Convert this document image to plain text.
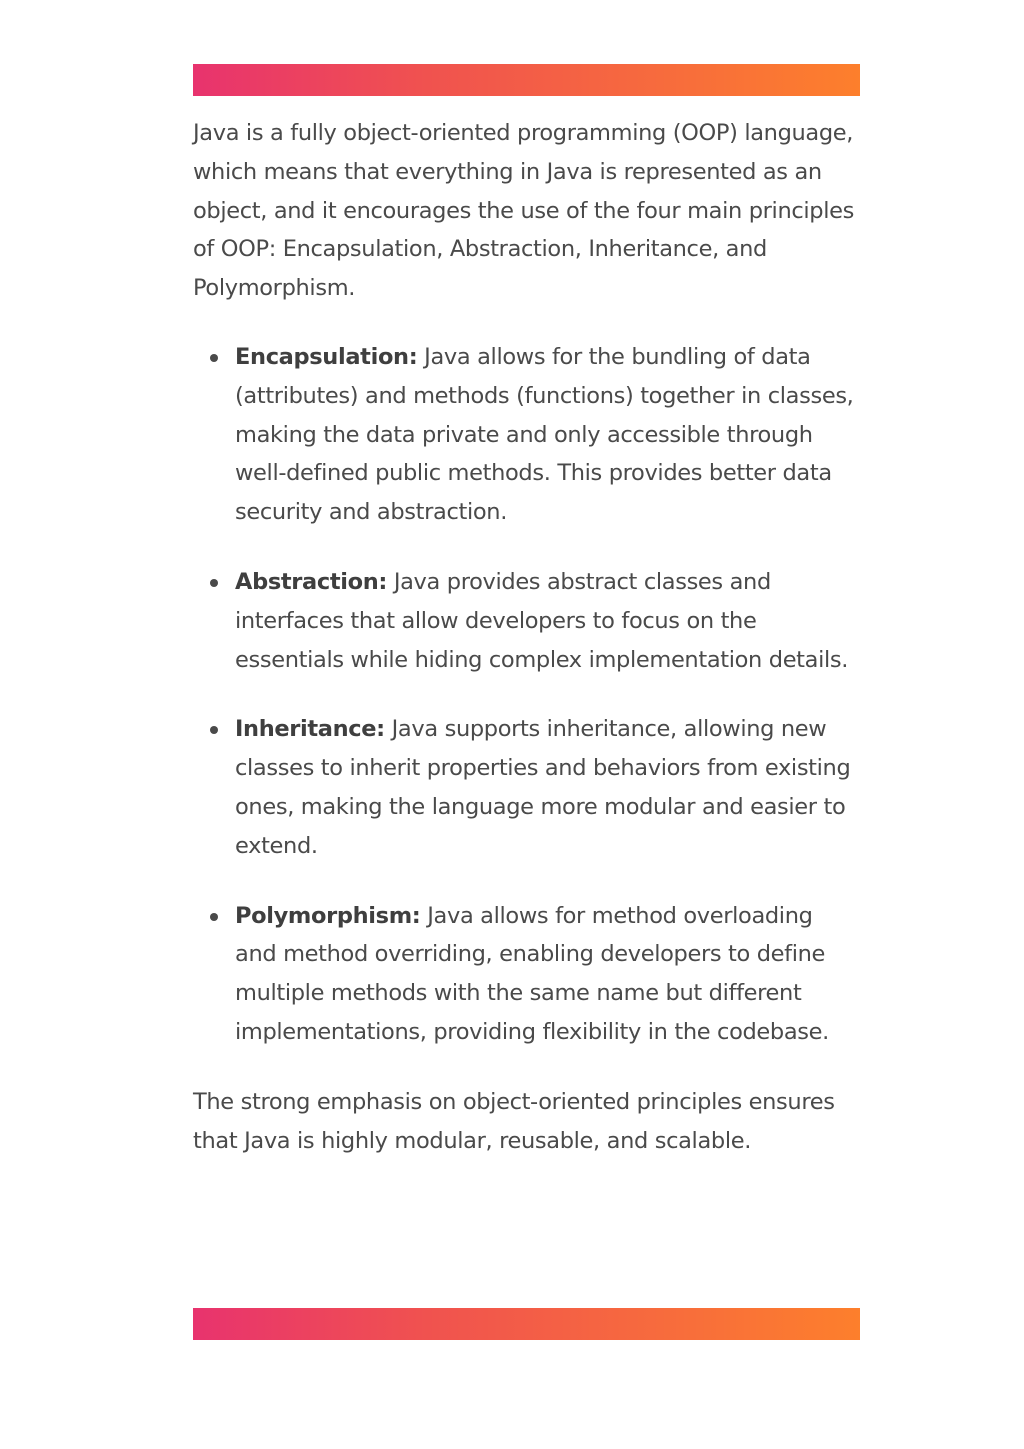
Java is a fully object-oriented programming (OOP) language, which means that everything in Java is represented as an object, and it encourages the use of the four main principles of OOP: Encapsulation, Abstraction, Inheritance, and Polymorphism.

Encapsulation: Java allows for the bundling of data (attributes) and methods (functions) together in classes, making the data private and only accessible through well-defined public methods. This provides better data security and abstraction.
Abstraction: Java provides abstract classes and interfaces that allow developers to focus on the essentials while hiding complex implementation details.
Inheritance: Java supports inheritance, allowing new classes to inherit properties and behaviors from existing ones, making the language more modular and easier to extend.
Polymorphism: Java allows for method overloading and method overriding, enabling developers to define multiple methods with the same name but different implementations, providing flexibility in the codebase.

The strong emphasis on object-oriented principles ensures that Java is highly modular, reusable, and scalable.
